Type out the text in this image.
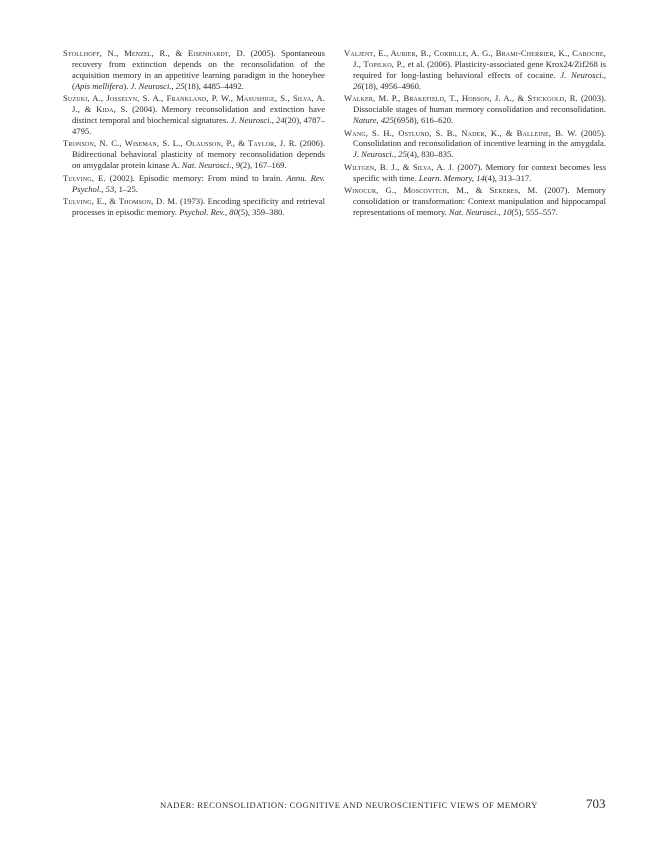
Stollhoff, N., Menzel, R., & Eisenhardt, D. (2005). Spontaneous recovery from extinction depends on the reconsolidation of the acquisition memory in an appetitive learning paradigm in the honeybee (Apis mellifera). J. Neurosci., 25(18), 4485–4492.

Suzuki, A., Josselyn, S. A., Frankland, P. W., Masushige, S., Silva, A. J., & Kida, S. (2004). Memory reconsolidation and extinction have distinct temporal and biochemical signatures. J. Neurosci., 24(20), 4787–4795.

Tronson, N. C., Wiseman, S. L., Olausson, P., & Taylor, J. R. (2006). Bidirectional behavioral plasticity of memory reconsolidation depends on amygdalar protein kinase A. Nat. Neurosci., 9(2), 167–169.

Tulving, E. (2002). Episodic memory: From mind to brain. Annu. Rev. Psychol., 53, 1–25.

Tulving, E., & Thomson, D. M. (1973). Encoding specificity and retrieval processes in episodic memory. Psychol. Rev., 80(5), 359–380.

Valjent, E., Aubier, B., Corbille, A. G., Brami-Cherrier, K., Caboche, J., Topilko, P., et al. (2006). Plasticity-associated gene Krox24/Zif268 is required for long-lasting behavioral effects of cocaine. J. Neurosci., 26(18), 4956–4960.

Walker, M. P., Brakefield, T., Hobson, J. A., & Stickgold, R. (2003). Dissociable stages of human memory consolidation and reconsolidation. Nature, 425(6958), 616–620.

Wang, S. H., Ostlund, S. B., Nader, K., & Balleine, B. W. (2005). Consolidation and reconsolidation of incentive learning in the amygdala. J. Neurosci., 25(4), 830–835.

Wiltgen, B. J., & Silva, A. J. (2007). Memory for context becomes less specific with time. Learn. Memory, 14(4), 313–317.

Winocur, G., Moscovitch, M., & Sekeres, M. (2007). Memory consolidation or transformation: Context manipulation and hippocampal representations of memory. Nat. Neurosci., 10(5), 555–557.

NADER: RECONSOLIDATION: COGNITIVE AND NEUROSCIENTIFIC VIEWS OF MEMORY	703
